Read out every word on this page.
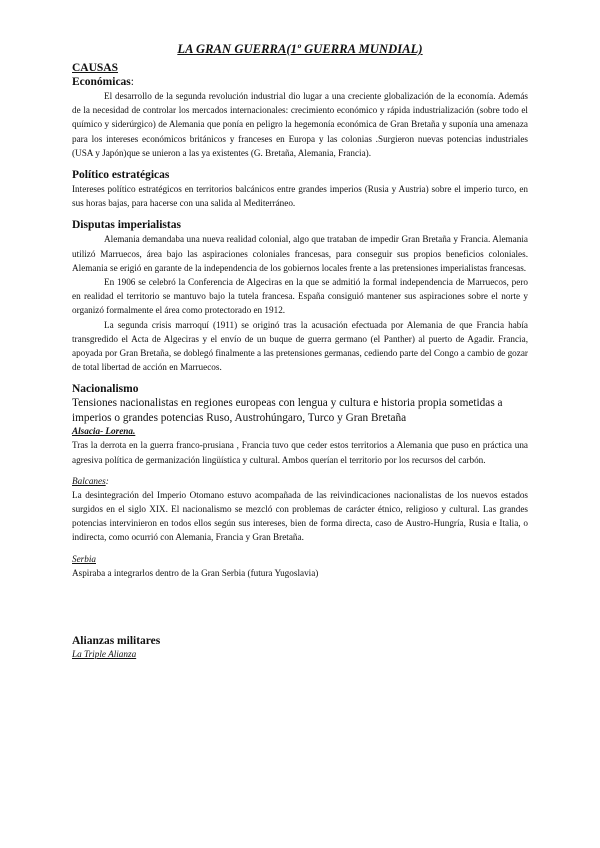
LA GRAN GUERRA(1º GUERRA MUNDIAL)
CAUSAS
Económicas:

El desarrollo de la segunda revolución industrial dio lugar a una creciente globalización de la economía. Además de la necesidad de controlar los mercados internacionales: crecimiento económico y rápida industrialización (sobre todo el químico y siderúrgico) de Alemania que ponía en peligro la hegemonía económica de Gran Bretaña y suponía una amenaza para los intereses económicos británicos y franceses en Europa y las colonias .Surgieron nuevas potencias industriales (USA y Japón)que se unieron a las ya existentes (G. Bretaña, Alemania, Francia).

Político estratégicas

Intereses político estratégicos en territorios balcánicos entre grandes imperios (Rusia y Austria) sobre el imperio turco, en sus horas bajas, para hacerse con una salida al Mediterráneo.

Disputas imperialistas

Alemania demandaba una nueva realidad colonial, algo que trataban de impedir Gran Bretaña y Francia. Alemania utilizó Marruecos, área bajo las aspiraciones coloniales francesas, para conseguir sus propios beneficios coloniales. Alemania se erigió en garante de la independencia de los gobiernos locales frente a las pretensiones imperialistas francesas.

En 1906 se celebró la Conferencia de Algeciras en la que se admitió la formal independencia de Marruecos, pero en realidad el territorio se mantuvo bajo la tutela francesa. España consiguió mantener sus aspiraciones sobre el norte y organizó formalmente el área como protectorado en 1912.

La segunda crisis marroquí (1911) se originó tras la acusación efectuada por Alemania de que Francia había transgredido el Acta de Algeciras y el envío de un buque de guerra germano (el Panther) al puerto de Agadir. Francia, apoyada por Gran Bretaña, se doblegó finalmente a las pretensiones germanas, cediendo parte del Congo a cambio de gozar de total libertad de acción en Marruecos.

Nacionalismo

Tensiones nacionalistas en regiones europeas con lengua y cultura e historia propia sometidas a imperios o grandes potencias Ruso, Austrohúngaro, Turco y Gran Bretaña

Alsacia- Lorena.

Tras la derrota en la guerra franco-prusiana , Francia tuvo que ceder estos territorios a Alemania que puso en práctica una agresiva política de germanización lingüística y cultural. Ambos querían el territorio por los recursos del carbón.

Balcanes:

La desintegración del Imperio Otomano estuvo acompañada de las reivindicaciones nacionalistas de los nuevos estados surgidos en el siglo XIX. El nacionalismo se mezcló con problemas de carácter étnico, religioso y cultural. Las grandes potencias intervinieron en todos ellos según sus intereses, bien de forma directa, caso de Austro-Hungría, Rusia e Italia, o indirecta, como ocurrió con Alemania, Francia y Gran Bretaña.

Serbia

Aspiraba a integrarlos dentro de la Gran Serbia (futura Yugoslavia)

Alianzas militares
La Triple Alianza
